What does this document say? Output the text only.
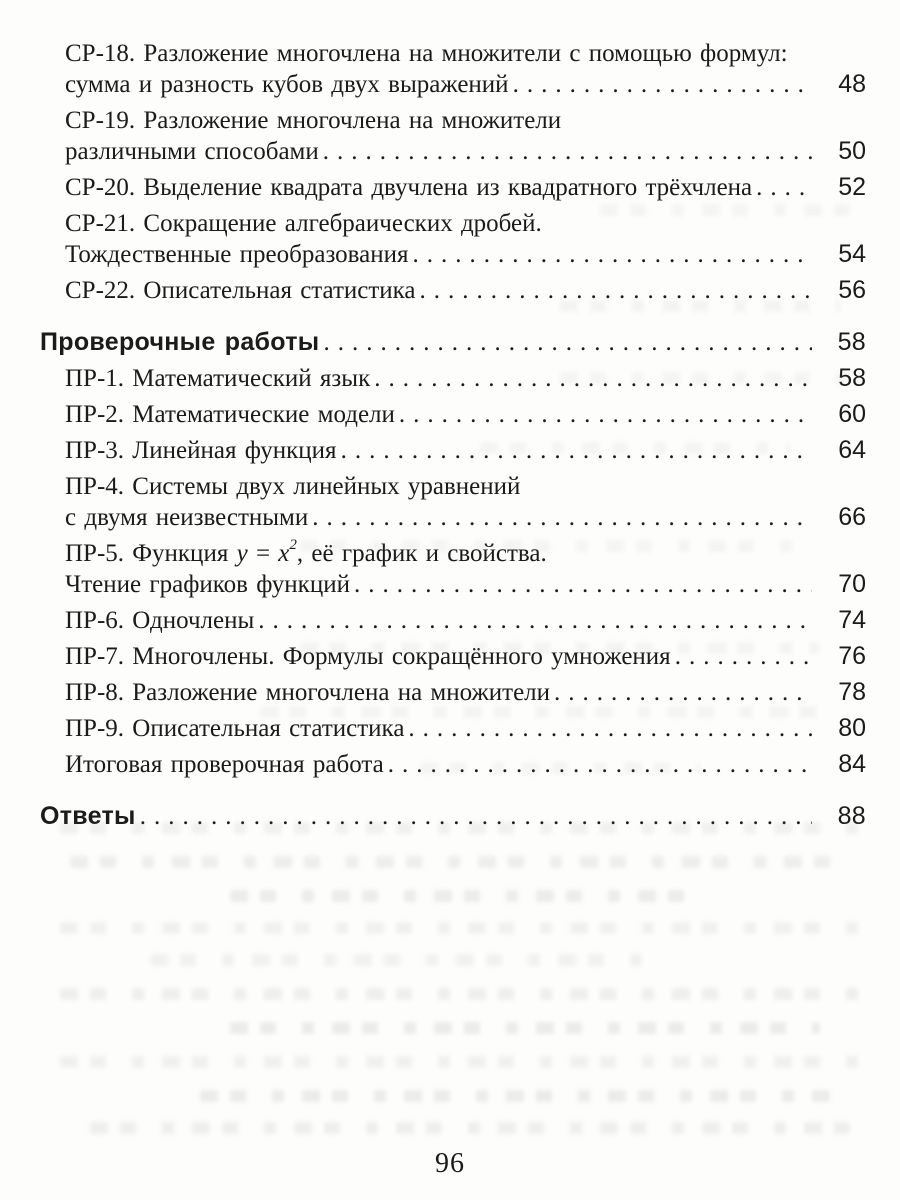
СР-18. Разложение многочлена на множители с помощью формул:
сумма и разность кубов двух выражений .....	48
СР-19. Разложение многочлена на множители
различными способами .....	50
СР-20. Выделение квадрата двучлена из квадратного трёхчлена .....	52
СР-21. Сокращение алгебраических дробей.
Тождественные преобразования .....	54
СР-22. Описательная статистика .....	56
Проверочные работы .....	58
ПР-1. Математический язык .....	58
ПР-2. Математические модели .....	60
ПР-3. Линейная функция .....	64
ПР-4. Системы двух линейных уравнений
с двумя неизвестными .....	66
ПР-5. Функция $y = x^2$, её график и свойства.
Чтение графиков функций .....	70
ПР-6. Одночлены .....	74
ПР-7. Многочлены. Формулы сокращённого умножения .....	76
ПР-8. Разложение многочлена на множители .....	78
ПР-9. Описательная статистика .....	80
Итоговая проверочная работа .....	84
Ответы .....	88
96
